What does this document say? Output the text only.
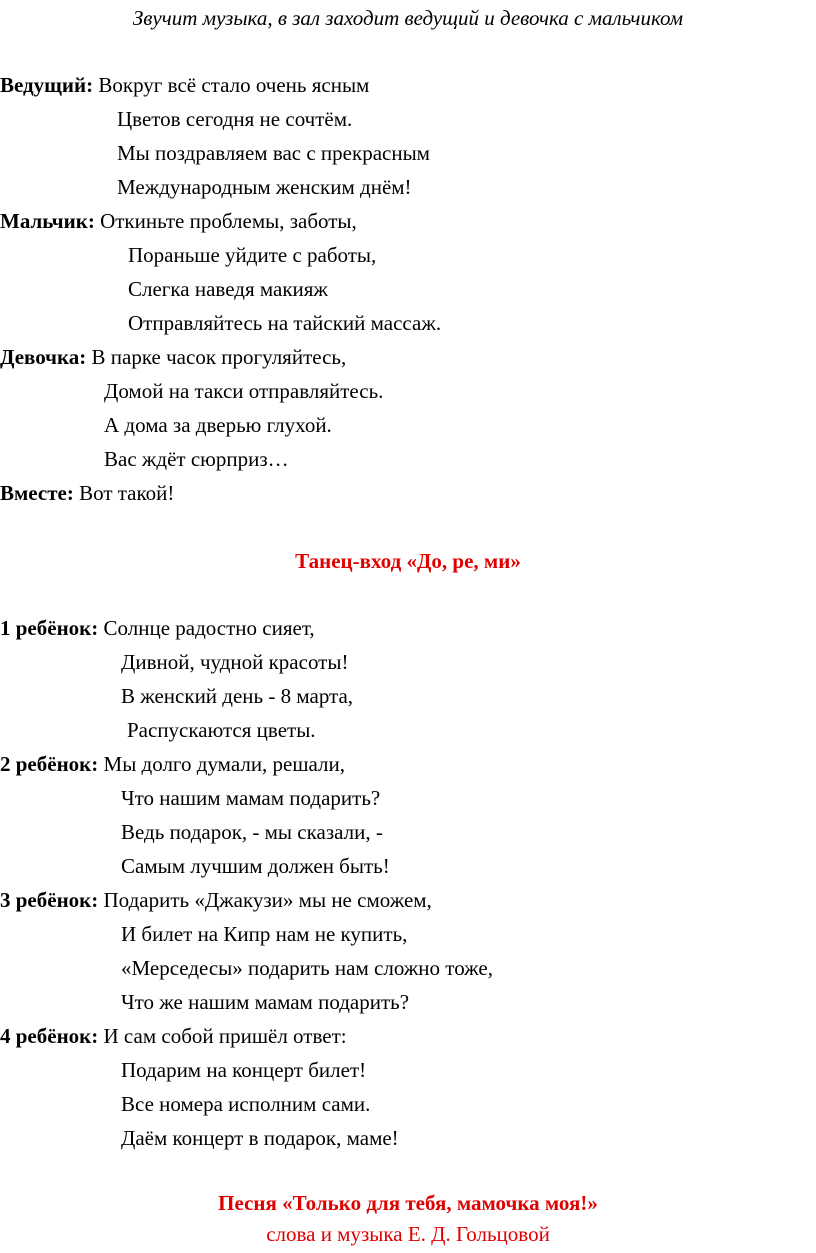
Звучит музыка, в зал заходит ведущий и девочка с мальчиком
Ведущий: Вокруг всё стало очень ясным
Цветов сегодня не сочтём.
Мы поздравляем вас с прекрасным
Международным женским днём!
Мальчик: Откиньте проблемы, заботы,
Пораньше уйдите с работы,
Слегка наведя макияж
Отправляйтесь на тайский массаж.
Девочка: В парке часок прогуляйтесь,
Домой на такси отправляйтесь.
А дома за дверью глухой.
Вас ждёт сюрприз…
Вместе: Вот такой!
Танец-вход «До, ре, ми»
1 ребёнок: Солнце радостно сияет,
Дивной, чудной красоты!
В женский день - 8 марта,
Распускаются цветы.
2 ребёнок: Мы долго думали, решали,
Что нашим мамам подарить?
Ведь подарок, - мы сказали, -
Самым лучшим должен быть!
3 ребёнок: Подарить «Джакузи» мы не сможем,
И билет на Кипр нам не купить,
«Мерседесы» подарить нам сложно тоже,
Что же нашим мамам подарить?
4 ребёнок: И сам собой пришёл ответ:
Подарим на концерт билет!
Все номера исполним сами.
Даём концерт в подарок, маме!
Песня «Только для тебя, мамочка моя!»
слова и музыка Е. Д. Гольцовой
